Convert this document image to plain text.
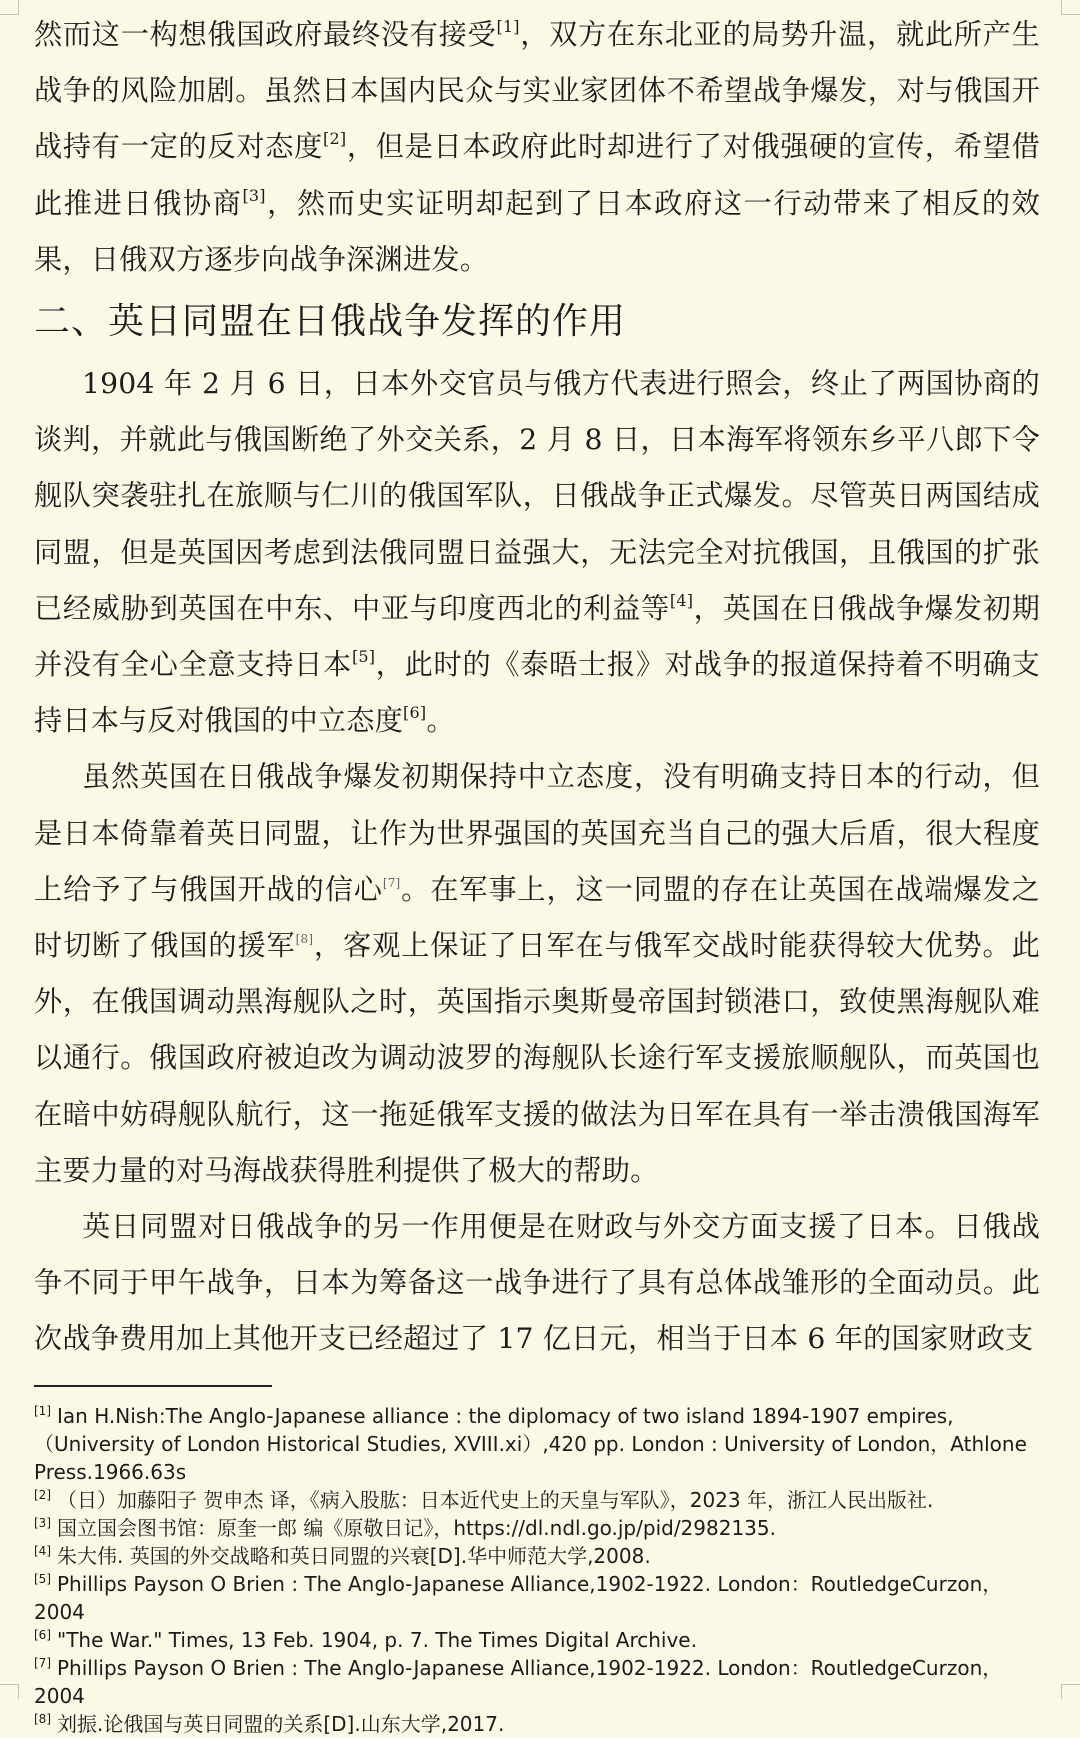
然而这一构想俄国政府最终没有接受[1]，双方在东北亚的局势升温，就此所产生战争的风险加剧。虽然日本国内民众与实业家团体不希望战争爆发，对与俄国开战持有一定的反对态度[2]，但是日本政府此时却进行了对俄强硬的宣传，希望借此推进日俄协商[3]，然而史实证明却起到了日本政府这一行动带来了相反的效果，日俄双方逐步向战争深渊进发。

二、英日同盟在日俄战争发挥的作用

1904 年 2 月 6 日，日本外交官员与俄方代表进行照会，终止了两国协商的谈判，并就此与俄国断绝了外交关系，2 月 8 日，日本海军将领东乡平八郎下令舰队突袭驻扎在旅顺与仁川的俄国军队，日俄战争正式爆发。尽管英日两国结成同盟，但是英国因考虑到法俄同盟日益强大，无法完全对抗俄国，且俄国的扩张已经威胁到英国在中东、中亚与印度西北的利益等[4]，英国在日俄战争爆发初期并没有全心全意支持日本[5]，此时的《泰晤士报》对战争的报道保持着不明确支持日本与反对俄国的中立态度[6]。

虽然英国在日俄战争爆发初期保持中立态度，没有明确支持日本的行动，但是日本倚靠着英日同盟，让作为世界强国的英国充当自己的强大后盾，很大程度上给予了与俄国开战的信心[7]。在军事上，这一同盟的存在让英国在战端爆发之时切断了俄国的援军[8]，客观上保证了日军在与俄军交战时能获得较大优势。此外，在俄国调动黑海舰队之时，英国指示奥斯曼帝国封锁港口，致使黑海舰队难以通行。俄国政府被迫改为调动波罗的海舰队长途行军支援旅顺舰队，而英国也在暗中妨碍舰队航行，这一拖延俄军支援的做法为日军在具有一举击溃俄国海军主要力量的对马海战获得胜利提供了极大的帮助。

英日同盟对日俄战争的另一作用便是在财政与外交方面支援了日本。日俄战争不同于甲午战争，日本为筹备这一战争进行了具有总体战雏形的全面动员。此次战争费用加上其他开支已经超过了 17 亿日元，相当于日本 6 年的国家财政支

[1] Ian H.Nish:The Anglo-Japanese alliance : the diplomacy of two island 1894-1907 empires, （University of London Historical Studies, XVIII.xi）,420 pp. London : University of London，Athlone Press.1966.63s

[2] （日）加藤阳子 贺申杰 译，《病入股肱：日本近代史上的天皇与军队》，2023 年，浙江人民出版社.

[3] 国立国会图书馆：原奎一郎 编《原敬日记》，https://dl.ndl.go.jp/pid/2982135.

[4] 朱大伟. 英国的外交战略和英日同盟的兴衰[D].华中师范大学,2008.

[5] Phillips Payson O Brien : The Anglo-Japanese Alliance,1902-1922. London：RoutledgeCurzon，2004

[6] "The War." Times, 13 Feb. 1904, p. 7. The Times Digital Archive.

[7] Phillips Payson O Brien : The Anglo-Japanese Alliance,1902-1922. London：RoutledgeCurzon，2004

[8] 刘振.论俄国与英日同盟的关系[D].山东大学,2017.
